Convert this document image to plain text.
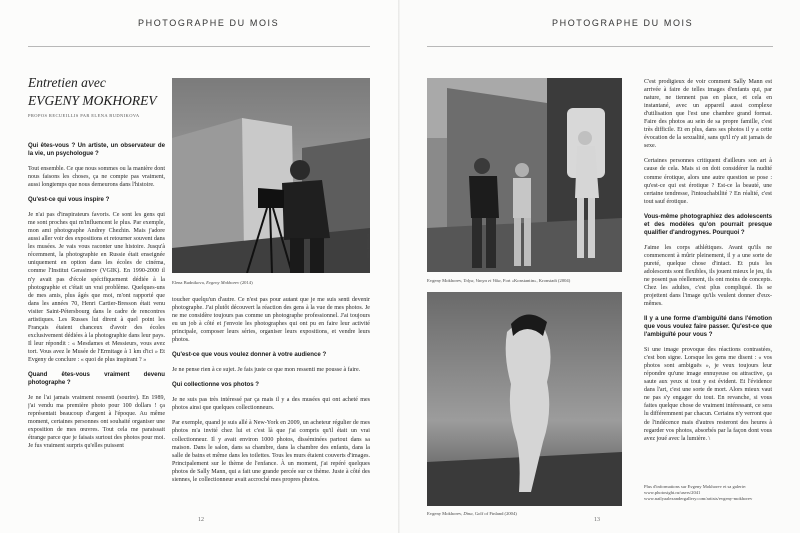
PHOTOGRAPHE DU MOIS
Entretien avec
EVGENY MOKHOREV
PROPOS RECUEILLIS PAR ELENA BUDNIKOVA
Elena Budnikova, Evgeny Mokhorev (2014)
Elena Budnikova

Qui êtes-vous ? Un artiste, un observateur de la vie, un psychologue ?

Tout ensemble. Ce que nous sommes ou la manière dont nous faisons les choses, ça ne compte pas vraiment, aussi longtemps que nous demeurons dans l'histoire.

Qu'est-ce qui vous inspire ?

Je n'ai pas d'inspirateurs favoris. Ce sont les gens qui me sont proches qui m'influencent le plus. Par exemple, mon ami photographe Andrey Chezhin. Mais j'adore aussi aller voir des expositions et retourner souvent dans les musées. Je vais vous raconter une histoire. Jusqu'à récemment, la photographie en Russie était enseignée uniquement en option dans les écoles de cinéma, comme l'Institut Gerasimov (VGIK). En 1990-2000 il n'y avait pas d'école spécifiquement dédiée à la photographie et c'était un vrai problème. Quelques-uns de mes amis, plus âgés que moi, m'ont rapporté que dans les années 70, Henri Cartier-Bresson était venu visiter Saint-Pétersbourg dans le cadre de rencontres artistiques. Les Russes lui dirent à quel point les Français étaient chanceux d'avoir des écoles exclusivement dédiées à la photographie dans leur pays. Il leur répondit : « Mesdames et Messieurs, vous avez tort. Vous avez le Musée de l'Ermitage à 1 km d'ici » Et Evgeny de conclure : « quoi de plus inspirant ? »

Quand êtes-vous vraiment devenu photographe ?

Je ne l'ai jamais vraiment ressenti (sourire). En 1989, j'ai vendu ma première photo pour 100 dollars ! ça représentait beaucoup d'argent à l'époque. Au même moment, certaines personnes ont souhaité organiser une exposition de mes œuvres. Tout cela me paraissait étrange parce que je faisais surtout des photos pour moi. Je fus vraiment surpris qu'elles puissent

toucher quelqu'un d'autre. Ce n'est pas pour autant que je me suis senti devenir photographe. J'ai plutôt découvert la réaction des gens à la vue de mes photos. Je ne me considère toujours pas comme un photographe professionnel. J'ai toujours eu un job à côté et j'envoie les photographes qui ont pu en faire leur activité principale, composer leurs séries, organiser leurs expositions, et vendre leurs photos.

Qu'est-ce que vous voulez donner à votre audience ?

Je ne pense rien à ce sujet. Je fais juste ce que mon ressenti me pousse à faire.

Qui collectionne vos photos ?

Je ne suis pas très intéressé par ça mais il y a des musées qui ont acheté mes photos ainsi que quelques collectionneurs.

Par exemple, quand je suis allé à New-York en 2009, un acheteur régulier de mes photos m'a invité chez lui et c'est là que j'ai compris qu'il était un vrai collectionneur. Il y avait environ 1000 photos, disséminées partout dans sa maison. Dans le salon, dans sa chambre, dans la chambre des enfants, dans la salle de bains et même dans les toilettes. Tous les murs étaient couverts d'images. Principalement sur le thème de l'enfance. À un moment, j'ai repéré quelques photos de Sally Mann, qui a fait une grande percée sur ce thème. Juste à côté des siennes, le collectionneur avait accroché mes propres photos.

12
PHOTOGRAPHE DU MOIS
Evgeny Mokhorev, Tolya, Vanya et Vika, Fort «Konstantin», Kronstadt (2004)
Evgeny Mokhorev, Dina, Golf of Finland (2004)

C'est prodigieux de voir comment Sally Mann est arrivée à faire de telles images d'enfants qui, par nature, ne tiennent pas en place, et cela en instantané, avec un appareil aussi complexe d'utilisation que l'est une chambre grand format. Faire des photos au sein de sa propre famille, c'est très difficile. Et en plus, dans ses photos il y a cette évocation de la sexualité, sans qu'il n'y ait jamais de sexe.

Certaines personnes critiquent d'ailleurs son art à cause de cela. Mais si on doit considérer la nudité comme érotique, alors une autre question se pose : qu'est-ce qui est érotique ? Est-ce la beauté, une certaine tendresse, l'intouchabilité ? En réalité, c'est tout sauf érotique.

Vous-même photographiez des adolescents et des modèles qu'on pourrait presque qualifier d'androgynes. Pourquoi ?

J'aime les corps athlétiques. Avant qu'ils ne commencent à mûrir pleinement, il y a une sorte de pureté, quelque chose d'intact. Et puis les adolescents sont flexibles, ils jouent mieux le jeu, ils ne posent pas réellement, ils ont moins de concepts. Chez les adultes, c'est plus compliqué. Ils se projettent dans l'image qu'ils veulent donner d'eux-mêmes.

Il y a une forme d'ambiguïté dans l'émotion que vous voulez faire passer. Qu'est-ce que l'ambiguïté pour vous ?

Si une image provoque des réactions contrastées, c'est bon signe. Lorsque les gens me disent : « vos photos sont ambiguës », je veux toujours leur répondre qu'une image ennuyeuse ou attractive, ça saute aux yeux si tout y est évident. Et l'évidence dans l'art, c'est une sorte de mort. Alors mieux vaut ne pas s'y engager du tout. En revanche, si vous faites quelque chose de vraiment intéressant, ce sera lu différemment par chacun. Certains n'y verront que de l'indécence mais d'autres resteront des heures à regarder vos photos, absorbés par la façon dont vous avez joué avec la lumière. \

Plus d'informations sur Evgeny Mokhorev et sa galerie:
www.photosight.ru/users/2041
www.nailyaalexandergallery.com/artists/evgeny-mokhorev
13
